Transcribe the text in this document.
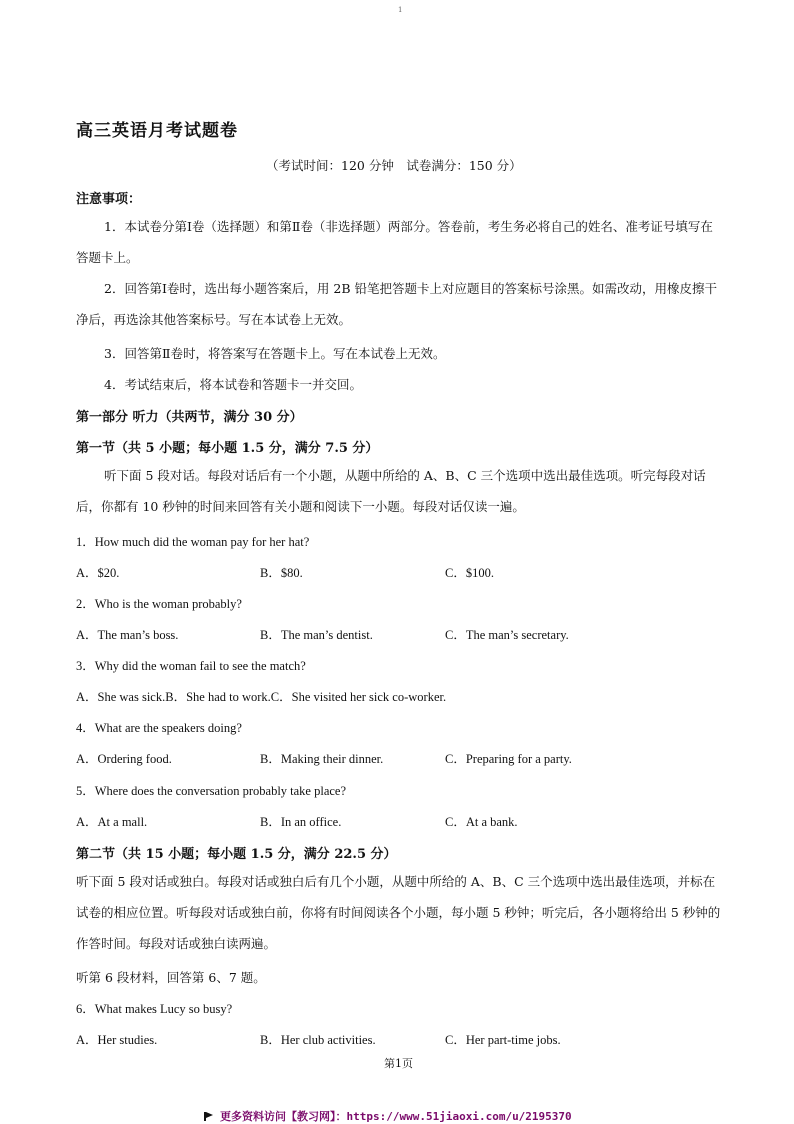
1
高三英语月考试题卷
（考试时间：120 分钟　试卷满分：150 分）
注意事项：
1．本试卷分第Ⅰ卷（选择题）和第Ⅱ卷（非选择题）两部分。答卷前，考生务必将自己的姓名、准考证号填写在答题卡上。
2．回答第Ⅰ卷时，选出每小题答案后，用 2B 铅笔把答题卡上对应题目的答案标号涂黑。如需改动，用橡皮擦干净后，再选涂其他答案标号。写在本试卷上无效。
3．回答第Ⅱ卷时，将答案写在答题卡上。写在本试卷上无效。
4．考试结束后，将本试卷和答题卡一并交回。
第一部分 听力（共两节，满分 30 分）
第一节（共 5 小题；每小题 1.5 分，满分 7.5 分）
听下面 5 段对话。每段对话后有一个小题，从题中所给的 A、B、C 三个选项中选出最佳选项。听完每段对话后，你都有 10 秒钟的时间来回答有关小题和阅读下一小题。每段对话仅读一遍。
1．How much did the woman pay for her hat?
A．$20.	B．$80.	C．$100.
2．Who is the woman probably?
A．The man’s boss.	B．The man’s dentist.	C．The man’s secretary.
3．Why did the woman fail to see the match?
A．She was sick.B．She had to work.C．She visited her sick co-worker.
4．What are the speakers doing?
A．Ordering food.	B．Making their dinner.	C．Preparing for a party.
5．Where does the conversation probably take place?
A．At a mall.	B．In an office.	C．At a bank.
第二节（共 15 小题；每小题 1.5 分，满分 22.5 分）
听下面 5 段对话或独白。每段对话或独白后有几个小题，从题中所给的 A、B、C 三个选项中选出最佳选项，并标在试卷的相应位置。听每段对话或独白前，你将有时间阅读各个小题，每小题 5 秒钟；听完后，各小题将给出 5 秒钟的作答时间。每段对话或独白读两遍。
听第 6 段材料，回答第 6、7 题。
6．What makes Lucy so busy?
A．Her studies.	B．Her club activities.	C．Her part-time jobs.
第1页
更多资料访问【教习网】：https://www.51jiaoxi.com/u/2195370
